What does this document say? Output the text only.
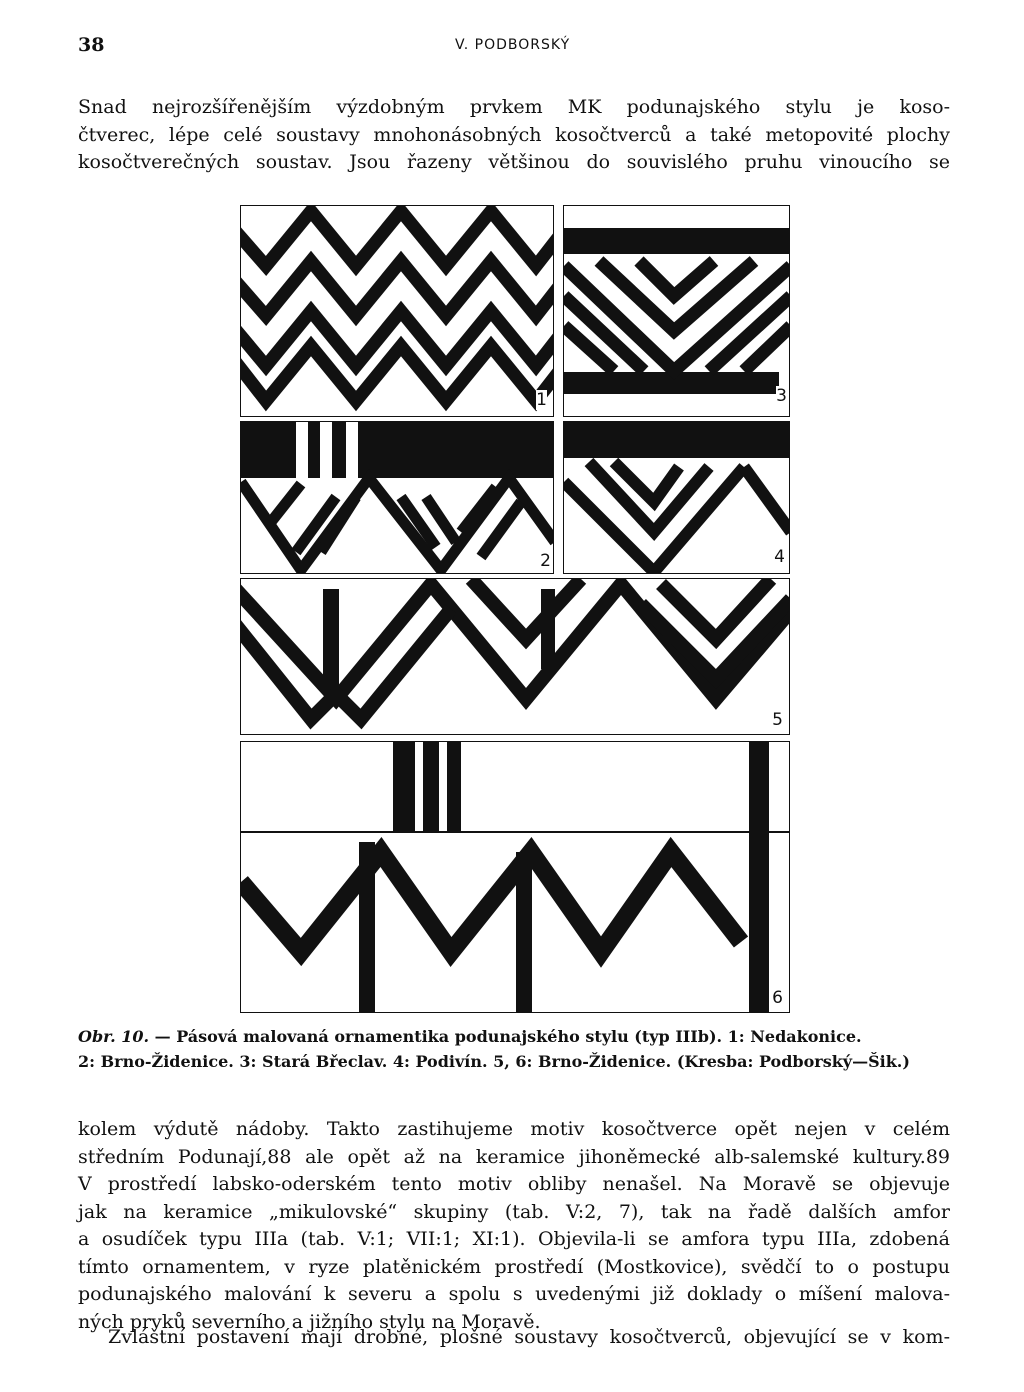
38	V. PODBORSKÝ
Snad nejrozšířenějším výzdobným prvkem MK podunajského stylu je koso-
čtverec, lépe celé soustavy mnohonásobných kosočtverců a také metopovité plochy
kosočtverečných soustav. Jsou řazeny většinou do souvislého pruhu vinoucího se
1	3
2	4
5
6
Obr. 10. — Pásová malovaná ornamentika podunajského stylu (typ IIIb). 1: Nedakonice.
2: Brno-Židenice. 3: Stará Břeclav. 4: Podivín. 5, 6: Brno-Židenice. (Kresba: Podborský—Šik.)
kolem výdutě nádoby. Takto zastihujeme motiv kosočtverce opět nejen v celém
středním Podunají,88 ale opět až na keramice jihoněmecké alb-salemské kultury.89
V prostředí labsko-oderském tento motiv obliby nenašel. Na Moravě se objevuje
jak na keramice „mikulovské“ skupiny (tab. V:2, 7), tak na řadě dalších amfor
a osudíček typu IIIa (tab. V:1; VII:1; XI:1). Objevila-li se amfora typu IIIa, zdobená
tímto ornamentem, v ryze platěnickém prostředí (Mostkovice), svědčí to o postupu
podunajského malování k severu a spolu s uvedenými již doklady o míšení malova-
ných prvků severního a jižního stylu na Moravě.
Zvláštní postavení mají drobné, plošné soustavy kosočtverců, objevující se v kom-
